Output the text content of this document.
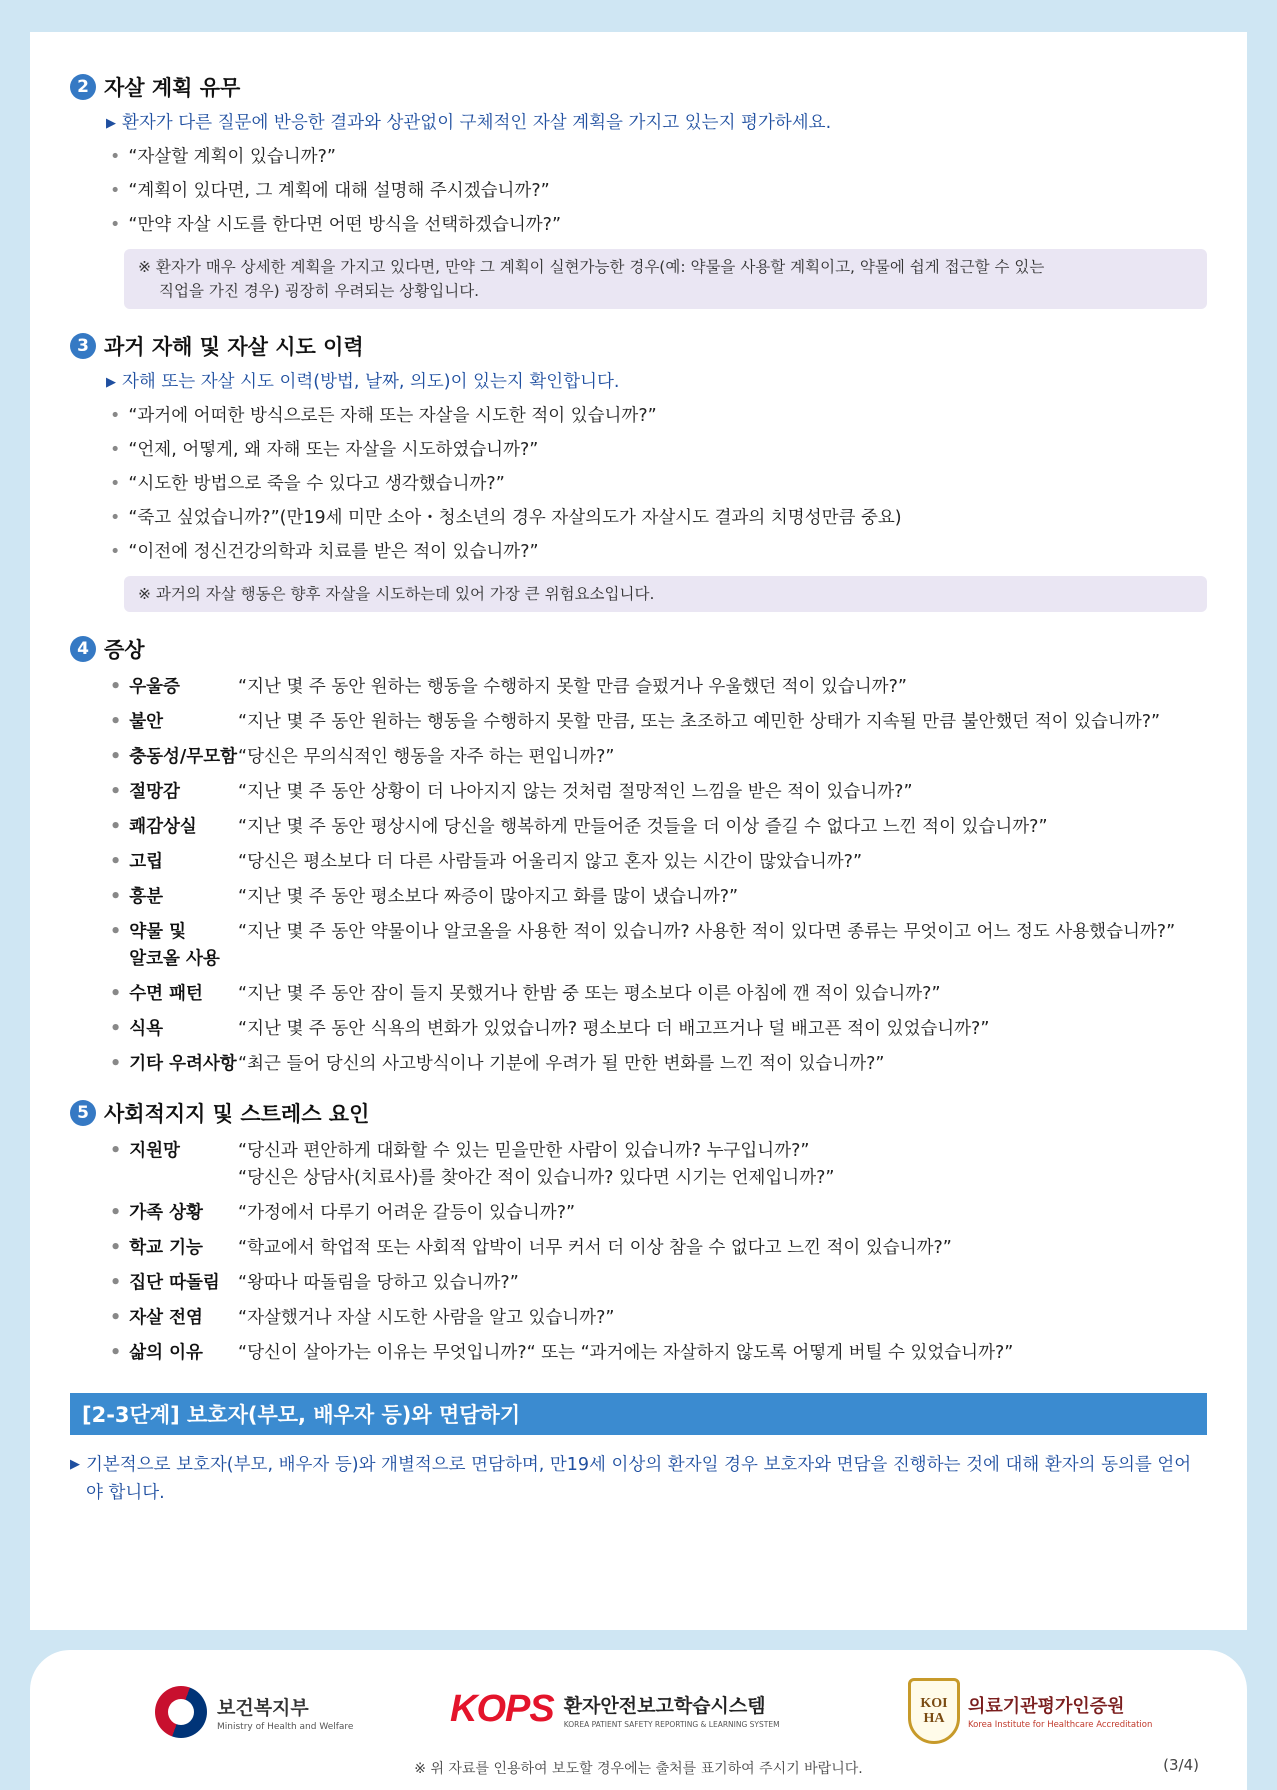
2 자살 계획 유무
▶ 환자가 다른 질문에 반응한 결과와 상관없이 구체적인 자살 계획을 가지고 있는지 평가하세요.
• “자살할 계획이 있습니까?”
• “계획이 있다면, 그 계획에 대해 설명해 주시겠습니까?”
• “만약 자살 시도를 한다면 어떤 방식을 선택하겠습니까?”
※ 환자가 매우 상세한 계획을 가지고 있다면, 만약 그 계획이 실현가능한 경우(예: 약물을 사용할 계획이고, 약물에 쉽게 접근할 수 있는
직업을 가진 경우) 굉장히 우려되는 상황입니다.
3 과거 자해 및 자살 시도 이력
▶ 자해 또는 자살 시도 이력(방법, 날짜, 의도)이 있는지 확인합니다.
• “과거에 어떠한 방식으로든 자해 또는 자살을 시도한 적이 있습니까?”
• “언제, 어떻게, 왜 자해 또는 자살을 시도하였습니까?”
• “시도한 방법으로 죽을 수 있다고 생각했습니까?”
• “죽고 싶었습니까?”(만19세 미만 소아・청소년의 경우 자살의도가 자살시도 결과의 치명성만큼 중요)
• “이전에 정신건강의학과 치료를 받은 적이 있습니까?”
※ 과거의 자살 행동은 향후 자살을 시도하는데 있어 가장 큰 위험요소입니다.
4 증상
• 우울증	“지난 몇 주 동안 원하는 행동을 수행하지 못할 만큼 슬펐거나 우울했던 적이 있습니까?”
• 불안	“지난 몇 주 동안 원하는 행동을 수행하지 못할 만큼, 또는 초조하고 예민한 상태가 지속될 만큼 불안했던 적이 있습니까?”
• 충동성/무모함 “당신은 무의식적인 행동을 자주 하는 편입니까?”
• 절망감	“지난 몇 주 동안 상황이 더 나아지지 않는 것처럼 절망적인 느낌을 받은 적이 있습니까?”
• 쾌감상실 “지난 몇 주 동안 평상시에 당신을 행복하게 만들어준 것들을 더 이상 즐길 수 없다고 느낀 적이 있습니까?”
• 고립	“당신은 평소보다 더 다른 사람들과 어울리지 않고 혼자 있는 시간이 많았습니까?”
• 흥분	“지난 몇 주 동안 평소보다 짜증이 많아지고 화를 많이 냈습니까?”
• 약물 및
알코올 사용
“지난 몇 주 동안 약물이나 알코올을 사용한 적이 있습니까? 사용한 적이 있다면 종류는 무엇이고 어느 정도 사용했습니까?”
• 수면 패턴 “지난 몇 주 동안 잠이 들지 못했거나 한밤 중 또는 평소보다 이른 아침에 깬 적이 있습니까?”
• 식욕	“지난 몇 주 동안 식욕의 변화가 있었습니까? 평소보다 더 배고프거나 덜 배고픈 적이 있었습니까?”
• 기타 우려사항 “최근 들어 당신의 사고방식이나 기분에 우려가 될 만한 변화를 느낀 적이 있습니까?”
5 사회적지지 및 스트레스 요인
• 지원망	“당신과 편안하게 대화할 수 있는 믿을만한 사람이 있습니까? 누구입니까?”
“당신은 상담사(치료사)를 찾아간 적이 있습니까? 있다면 시기는 언제입니까?”
• 가족 상황 “가정에서 다루기 어려운 갈등이 있습니까?”
• 학교 기능 “학교에서 학업적 또는 사회적 압박이 너무 커서 더 이상 참을 수 없다고 느낀 적이 있습니까?”
• 집단 따돌림 “왕따나 따돌림을 당하고 있습니까?”
• 자살 전염 “자살했거나 자살 시도한 사람을 알고 있습니까?”
• 삶의 이유 “당신이 살아가는 이유는 무엇입니까?“ 또는 “과거에는 자살하지 않도록 어떻게 버틸 수 있었습니까?”
[2-3단계] 보호자(부모, 배우자 등)와 면담하기
▶ 기본적으로 보호자(부모, 배우자 등)와 개별적으로 면담하며, 만19세 이상의 환자일 경우 보호자와 면담을 진행하는 것에 대해 환자의 동의를 얻어야 합니다.
보건복지부
Ministry of Health and Welfare	KOPS 환자안전보고학습시스템
KOREA PATIENT SAFETY REPORTING & LEARNING SYSTEM
KOI
HA
의료기관평가인증원
Korea Institute for Healthcare Accreditation
※ 위 자료를 인용하여 보도할 경우에는 출처를 표기하여 주시기 바랍니다.	(3/4)
